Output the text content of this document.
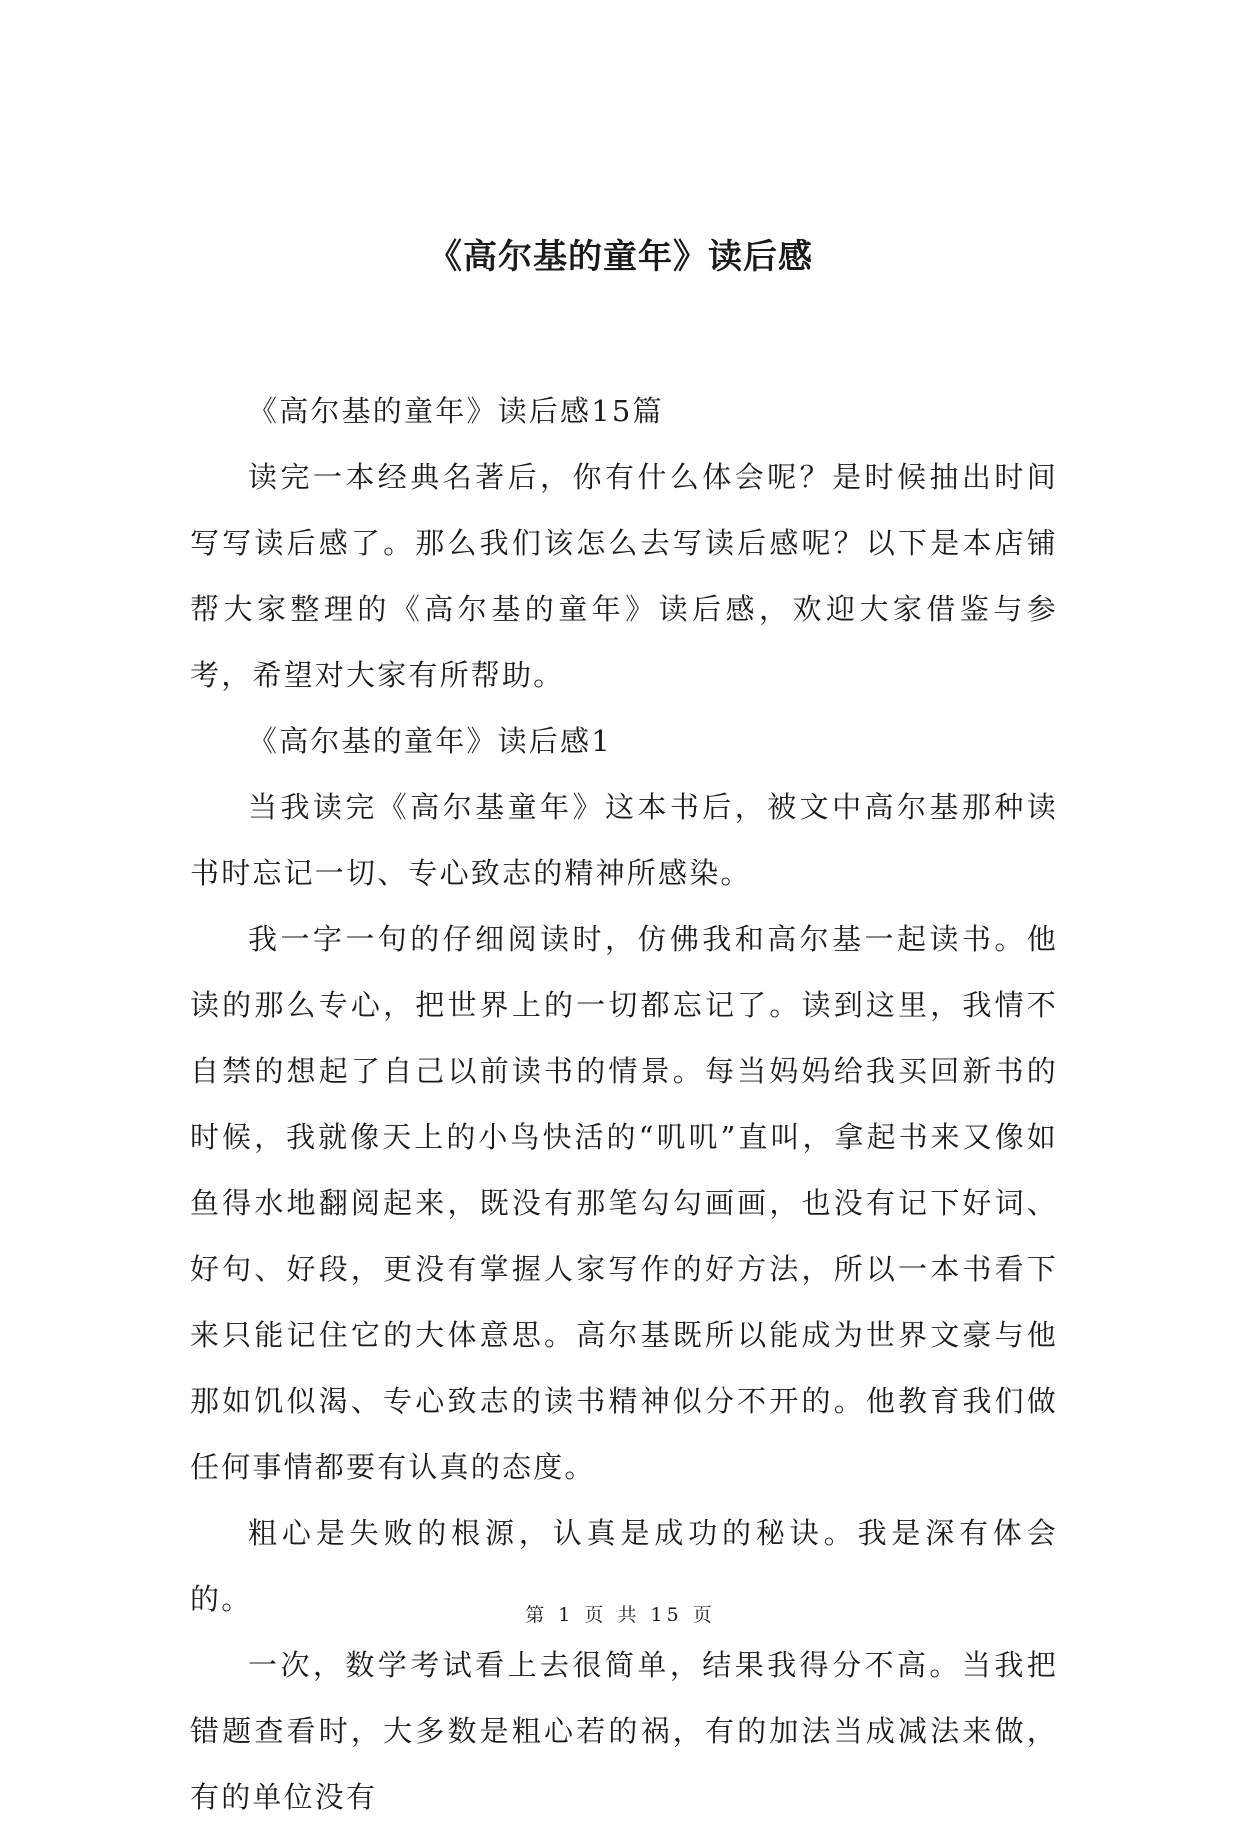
《高尔基的童年》读后感

《高尔基的童年》读后感15篇

读完一本经典名著后，你有什么体会呢？是时候抽出时间写写读后感了。那么我们该怎么去写读后感呢？以下是本店铺帮大家整理的《高尔基的童年》读后感，欢迎大家借鉴与参考，希望对大家有所帮助。

《高尔基的童年》读后感1

当我读完《高尔基童年》这本书后，被文中高尔基那种读书时忘记一切、专心致志的精神所感染。

我一字一句的仔细阅读时，仿佛我和高尔基一起读书。他读的那么专心，把世界上的一切都忘记了。读到这里，我情不自禁的想起了自己以前读书的情景。每当妈妈给我买回新书的时候，我就像天上的小鸟快活的“叽叽”直叫，拿起书来又像如鱼得水地翻阅起来，既没有那笔勾勾画画，也没有记下好词、好句、好段，更没有掌握人家写作的好方法，所以一本书看下来只能记住它的大体意思。高尔基既所以能成为世界文豪与他那如饥似渴、专心致志的读书精神似分不开的。他教育我们做任何事情都要有认真的态度。

粗心是失败的根源，认真是成功的秘诀。我是深有体会的。

一次，数学考试看上去很简单，结果我得分不高。当我把错题查看时，大多数是粗心若的祸，有的加法当成减法来做，有的单位没有

第 1 页 共 15 页
